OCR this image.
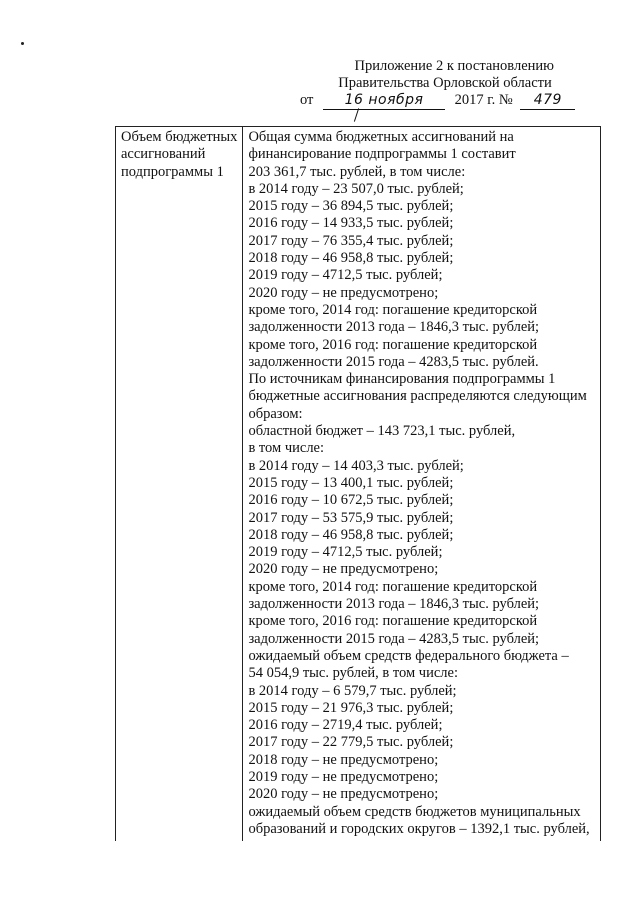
Приложение 2 к постановлению
Правительства Орловской области
от 16 ноября 2017 г. № 479
Объем бюджетных
ассигнований
подпрограммы 1

Общая сумма бюджетных ассигнований на
финансирование подпрограммы 1 составит
203 361,7 тыс. рублей, в том числе:
в 2014 году – 23 507,0 тыс. рублей;
2015 году – 36 894,5 тыс. рублей;
2016 году – 14 933,5 тыс. рублей;
2017 году – 76 355,4 тыс. рублей;
2018 году – 46 958,8 тыс. рублей;
2019 году – 4712,5 тыс. рублей;
2020 году – не предусмотрено;
кроме того, 2014 год: погашение кредиторской
задолженности 2013 года – 1846,3 тыс. рублей;
кроме того, 2016 год: погашение кредиторской
задолженности 2015 года – 4283,5 тыс. рублей.
По источникам финансирования подпрограммы 1
бюджетные ассигнования распределяются следующим
образом:
областной бюджет – 143 723,1 тыс. рублей,
в том числе:
в 2014 году – 14 403,3 тыс. рублей;
2015 году – 13 400,1 тыс. рублей;
2016 году – 10 672,5 тыс. рублей;
2017 году – 53 575,9 тыс. рублей;
2018 году – 46 958,8 тыс. рублей;
2019 году – 4712,5 тыс. рублей;
2020 году – не предусмотрено;
кроме того, 2014 год: погашение кредиторской
задолженности 2013 года – 1846,3 тыс. рублей;
кроме того, 2016 год: погашение кредиторской
задолженности 2015 года – 4283,5 тыс. рублей;
ожидаемый объем средств федерального бюджета –
54 054,9 тыс. рублей, в том числе:
в 2014 году – 6 579,7 тыс. рублей;
2015 году – 21 976,3 тыс. рублей;
2016 году – 2719,4 тыс. рублей;
2017 году – 22 779,5 тыс. рублей;
2018 году – не предусмотрено;
2019 году – не предусмотрено;
2020 году – не предусмотрено;
ожидаемый объем средств бюджетов муниципальных
образований и городских округов – 1392,1 тыс. рублей,
